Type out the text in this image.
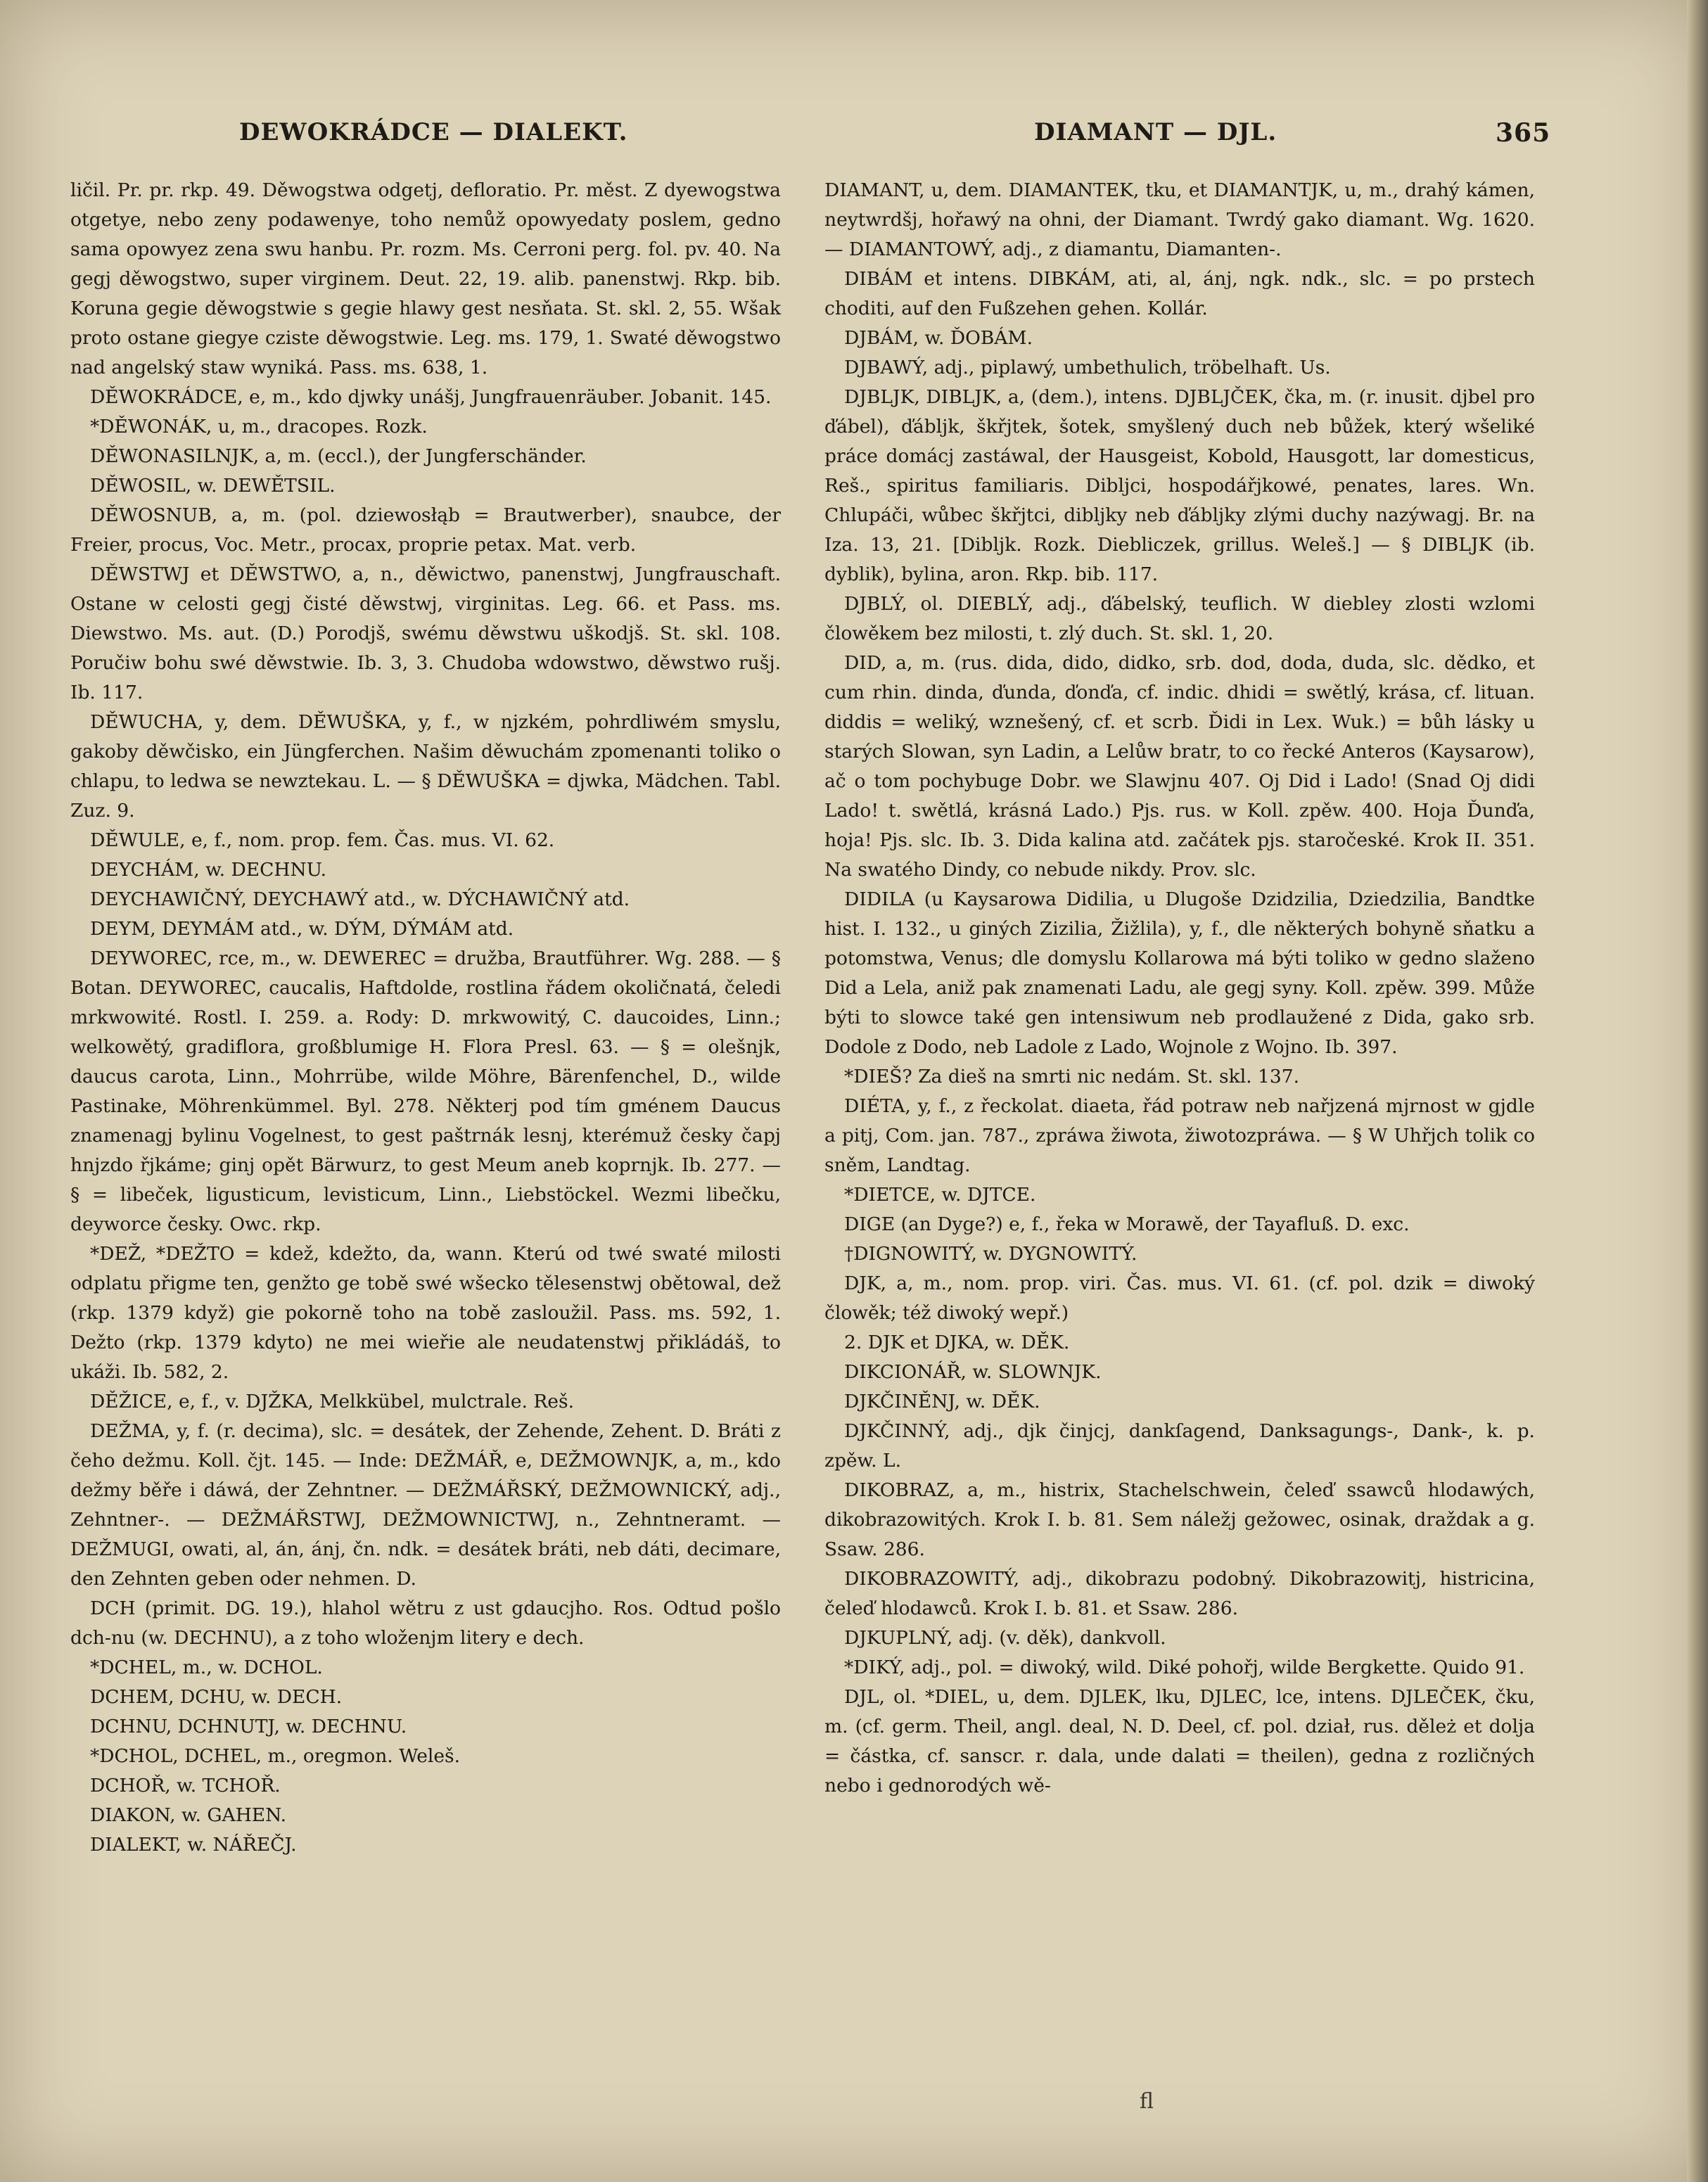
DEWOKRÁDCE — DIALEKT.	DIAMANT — DJL.	365

ličil. Pr. pr. rkp. 49. Děwogstwa odgetj, defloratio. Pr. měst. Z dyewogstwa otgetye, nebo zeny podawenye, toho nemůž opowyedaty poslem, gedno sama opowyez zena swu hanbu. Pr. rozm. Ms. Cerroni perg. fol. pv. 40. Na gegj děwogstwo, super virginem. Deut. 22, 19. alib. panenstwj. Rkp. bib. Koruna gegie děwogstwie s gegie hlawy gest nesňata. St. skl. 2, 55. Wšak proto ostane giegye cziste děwogstwie. Leg. ms. 179, 1. Swaté děwogstwo nad angelský staw wyniká. Pass. ms. 638, 1.

DĚWOKRÁDCE, e, m., kdo djwky unášj, Jungfrauenräuber. Jobanit. 145.

*DĚWONÁK, u, m., dracopes. Rozk.

DĚWONASILNJK, a, m. (eccl.), der Jungferschänder.

DĚWOSIL, w. DEWĚTSIL.

DĚWOSNUB, a, m. (pol. dziewosłąb = Brautwerber), snaubce, der Freier, procus, Voc. Metr., procax, proprie petax. Mat. verb.

DĚWSTWJ et DĚWSTWO, a, n., děwictwo, panenstwj, Jungfrauschaft. Ostane w celosti gegj čisté děwstwj, virginitas. Leg. 66. et Pass. ms. Diewstwo. Ms. aut. (D.) Porodjš, swému děwstwu uškodjš. St. skl. 108. Poručiw bohu swé děwstwie. Ib. 3, 3. Chudoba wdowstwo, děwstwo rušj. Ib. 117.

DĚWUCHA, y, dem. DĚWUŠKA, y, f., w njzkém, pohrdliwém smyslu, gakoby děwčisko, ein Jüngferchen. Našim děwuchám zpomenanti toliko o chlapu, to ledwa se newztekau. L. — § DĚWUŠKA = djwka, Mädchen. Tabl. Zuz. 9.

DĚWULE, e, f., nom. prop. fem. Čas. mus. VI. 62.

DEYCHÁM, w. DECHNU.

DEYCHAWIČNÝ, DEYCHAWÝ atd., w. DÝCHAWIČNÝ atd.

DEYM, DEYMÁM atd., w. DÝM, DÝMÁM atd.

DEYWOREC, rce, m., w. DEWEREC = družba, Brautführer. Wg. 288. — § Botan. DEYWOREC, caucalis, Haftdolde, rostlina řádem okoličnatá, čeledi mrkwowité. Rostl. I. 259. a. Rody: D. mrkwowitý, C. daucoides, Linn.; welkowětý, gradiflora, großblumige H. Flora Presl. 63. — § = olešnjk, daucus carota, Linn., Mohrrübe, wilde Möhre, Bärenfenchel, D., wilde Pastinake, Möhrenkümmel. Byl. 278. Některj pod tím gménem Daucus znamenagj bylinu Vogelnest, to gest paštrnák lesnj, kterémuž česky čapj hnjzdo řjkáme; ginj opět Bärwurz, to gest Meum aneb koprnjk. Ib. 277. — § = libeček, ligusticum, levisticum, Linn., Liebstöckel. Wezmi libečku, deyworce česky. Owc. rkp.

*DEŽ, *DEŽTO = kdež, kdežto, da, wann. Kterú od twé swaté milosti odplatu přigme ten, genžto ge tobě swé wšecko tělesenstwj obětowal, dež (rkp. 1379 když) gie pokorně toho na tobě zasloužil. Pass. ms. 592, 1. Dežto (rkp. 1379 kdyto) ne mei wieřie ale neudatenstwj přikládáš, to ukáži. Ib. 582, 2.

DĚŽICE, e, f., v. DJŽKA, Melkkübel, mulctrale. Reš.

DEŽMA, y, f. (r. decima), slc. = desátek, der Zehende, Zehent. D. Bráti z čeho dežmu. Koll. čjt. 145. — Inde: DEŽMÁŘ, e, DEŽMOWNJK, a, m., kdo dežmy běře i dáwá, der Zehntner. — DEŽMÁŘSKÝ, DEŽMOWNICKÝ, adj., Zehntner-. — DEŽMÁŘSTWJ, DEŽMOWNICTWJ, n., Zehntneramt. — DEŽMUGI, owati, al, án, ánj, čn. ndk. = desátek bráti, neb dáti, decimare, den Zehnten geben oder nehmen. D.

DCH (primit. DG. 19.), hlahol wětru z ust gdaucjho. Ros. Odtud pošlo dch-nu (w. DECHNU), a z toho wloženjm litery e dech.

*DCHEL, m., w. DCHOL.

DCHEM, DCHU, w. DECH.

DCHNU, DCHNUTJ, w. DECHNU.

*DCHOL, DCHEL, m., oregmon. Weleš.

DCHOŘ, w. TCHOŘ.

DIAKON, w. GAHEN.

DIALEKT, w. NÁŘEČJ.

DIAMANT, u, dem. DIAMANTEK, tku, et DIAMANTJK, u, m., drahý kámen, neytwrdšj, hořawý na ohni, der Diamant. Twrdý gako diamant. Wg. 1620. — DIAMANTOWÝ, adj., z diamantu, Diamanten-.

DIBÁM et intens. DIBKÁM, ati, al, ánj, ngk. ndk., slc. = po prstech choditi, auf den Fußzehen gehen. Kollár.

DJBÁM, w. ĎOBÁM.

DJBAWÝ, adj., piplawý, umbethulich, tröbelhaft. Us.

DJBLJK, DIBLJK, a, (dem.), intens. DJBLJČEK, čka, m. (r. inusit. djbel pro ďábel), ďábljk, škřjtek, šotek, smyšlený duch neb bůžek, který wšeliké práce domácj zastáwal, der Hausgeist, Kobold, Hausgott, lar domesticus, Reš., spiritus familiaris. Dibljci, hospodářjkowé, penates, lares. Wn. Chlupáči, wůbec škřjtci, dibljky neb ďábljky zlými duchy nazýwagj. Br. na Iza. 13, 21. [Dibljk. Rozk. Diebliczek, grillus. Weleš.] — § DIBLJK (ib. dyblik), bylina, aron. Rkp. bib. 117.

DJBLÝ, ol. DIEBLÝ, adj., ďábelský, teuflich. W diebley zlosti wzlomi člowěkem bez milosti, t. zlý duch. St. skl. 1, 20.

DID, a, m. (rus. dida, dido, didko, srb. dod, doda, duda, slc. dědko, et cum rhin. dinda, ďunda, ďonďa, cf. indic. dhidi = swětlý, krása, cf. lituan. diddis = weliký, wznešený, cf. et scrb. Ďidi in Lex. Wuk.) = bůh lásky u starých Slowan, syn Ladin, a Lelůw bratr, to co řecké Anteros (Kaysarow), ač o tom pochybuge Dobr. we Slawjnu 407. Oj Did i Lado! (Snad Oj didi Lado! t. swětlá, krásná Lado.) Pjs. rus. w Koll. zpěw. 400. Hoja Ďunďa, hoja! Pjs. slc. Ib. 3. Dida kalina atd. začátek pjs. staročeské. Krok II. 351. Na swatého Dindy, co nebude nikdy. Prov. slc.

DIDILA (u Kaysarowa Didilia, u Dlugoše Dzidzilia, Dziedzilia, Bandtke hist. I. 132., u giných Zizilia, Žižlila), y, f., dle některých bohyně sňatku a potomstwa, Venus; dle domyslu Kollarowa má býti toliko w gedno slaženo Did a Lela, aniž pak znamenati Ladu, ale gegj syny. Koll. zpěw. 399. Může býti to slowce také gen intensiwum neb prodlaužené z Dida, gako srb. Dodole z Dodo, neb Ladole z Lado, Wojnole z Wojno. Ib. 397.

*DIEŠ? Za dieš na smrti nic nedám. St. skl. 137.

DIÉTA, y, f., z řeckolat. diaeta, řád potraw neb nařjzená mjrnost w gjdle a pitj, Com. jan. 787., zpráwa žiwota, žiwotozpráwa. — § W Uhřjch tolik co sněm, Landtag.

*DIETCE, w. DJTCE.

DIGE (an Dyge?) e, f., řeka w Morawě, der Tayafluß. D. exc.

†DIGNOWITÝ, w. DYGNOWITÝ.

DJK, a, m., nom. prop. viri. Čas. mus. VI. 61. (cf. pol. dzik = diwoký člowěk; též diwoký wepř.)

2. DJK et DJKA, w. DĚK.

DIKCIONÁŘ, w. SLOWNJK.

DJKČINĚNJ, w. DĚK.

DJKČINNÝ, adj., djk činjcj, dankſagend, Danksagungs-, Dank-, k. p. zpěw. L.

DIKOBRAZ, a, m., histrix, Stachelschwein, čeleď ssawců hlodawých, dikobrazowitých. Krok I. b. 81. Sem náležj gežowec, osinak, draždak a g. Ssaw. 286.

DIKOBRAZOWITÝ, adj., dikobrazu podobný. Dikobrazowitj, histricina, čeleď hlodawců. Krok I. b. 81. et Ssaw. 286.

DJKUPLNÝ, adj. (v. děk), dankvoll.

*DIKÝ, adj., pol. = diwoký, wild. Diké pohořj, wilde Bergkette. Quido 91.

DJL, ol. *DIEL, u, dem. DJLEK, lku, DJLEC, lce, intens. DJLEČEK, čku, m. (cf. germ. Theil, angl. deal, N. D. Deel, cf. pol. dział, rus. děleż et dolja = částka, cf. sanscr. r. dala, unde dalati = theilen), gedna z rozličných nebo i gednorodých wě-

ﬂ
